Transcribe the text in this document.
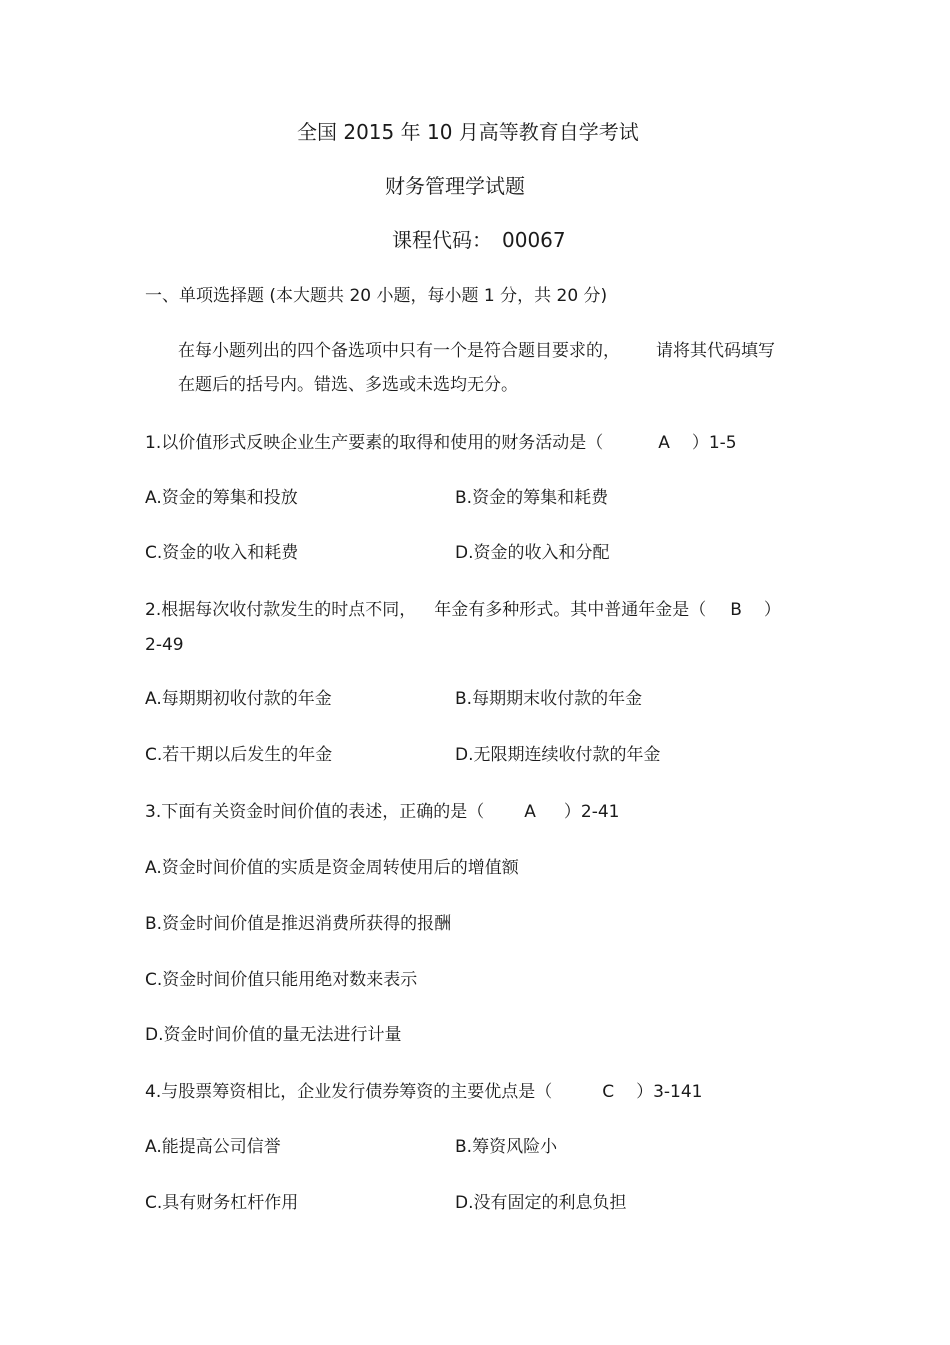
全国 2015 年 10 月高等教育自学考试
财务管理学试题
课程代码： 00067
一、单项选择题 (本大题共 20 小题，每小题 1 分，共 20 分)
在每小题列出的四个备选项中只有一个是符合题目要求的， 请将其代码填写
在题后的括号内。错选、多选或未选均无分。
1.以价值形式反映企业生产要素的取得和使用的财务活动是（	A ）1-5
A.资金的筹集和投放	B.资金的筹集和耗费
C.资金的收入和耗费	D.资金的收入和分配
2.根据每次收付款发生的时点不同， 年金有多种形式。其中普通年金是（ B ）
2-49
A.每期期初收付款的年金	B.每期期末收付款的年金
C.若干期以后发生的年金	D.无限期连续收付款的年金
3.下面有关资金时间价值的表述，正确的是（ A ）2-41
A.资金时间价值的实质是资金周转使用后的增值额
B.资金时间价值是推迟消费所获得的报酬
C.资金时间价值只能用绝对数来表示
D.资金时间价值的量无法进行计量
4.与股票筹资相比，企业发行债券筹资的主要优点是（	C ）3-141
A.能提高公司信誉	B.筹资风险小
C.具有财务杠杆作用	D.没有固定的利息负担
